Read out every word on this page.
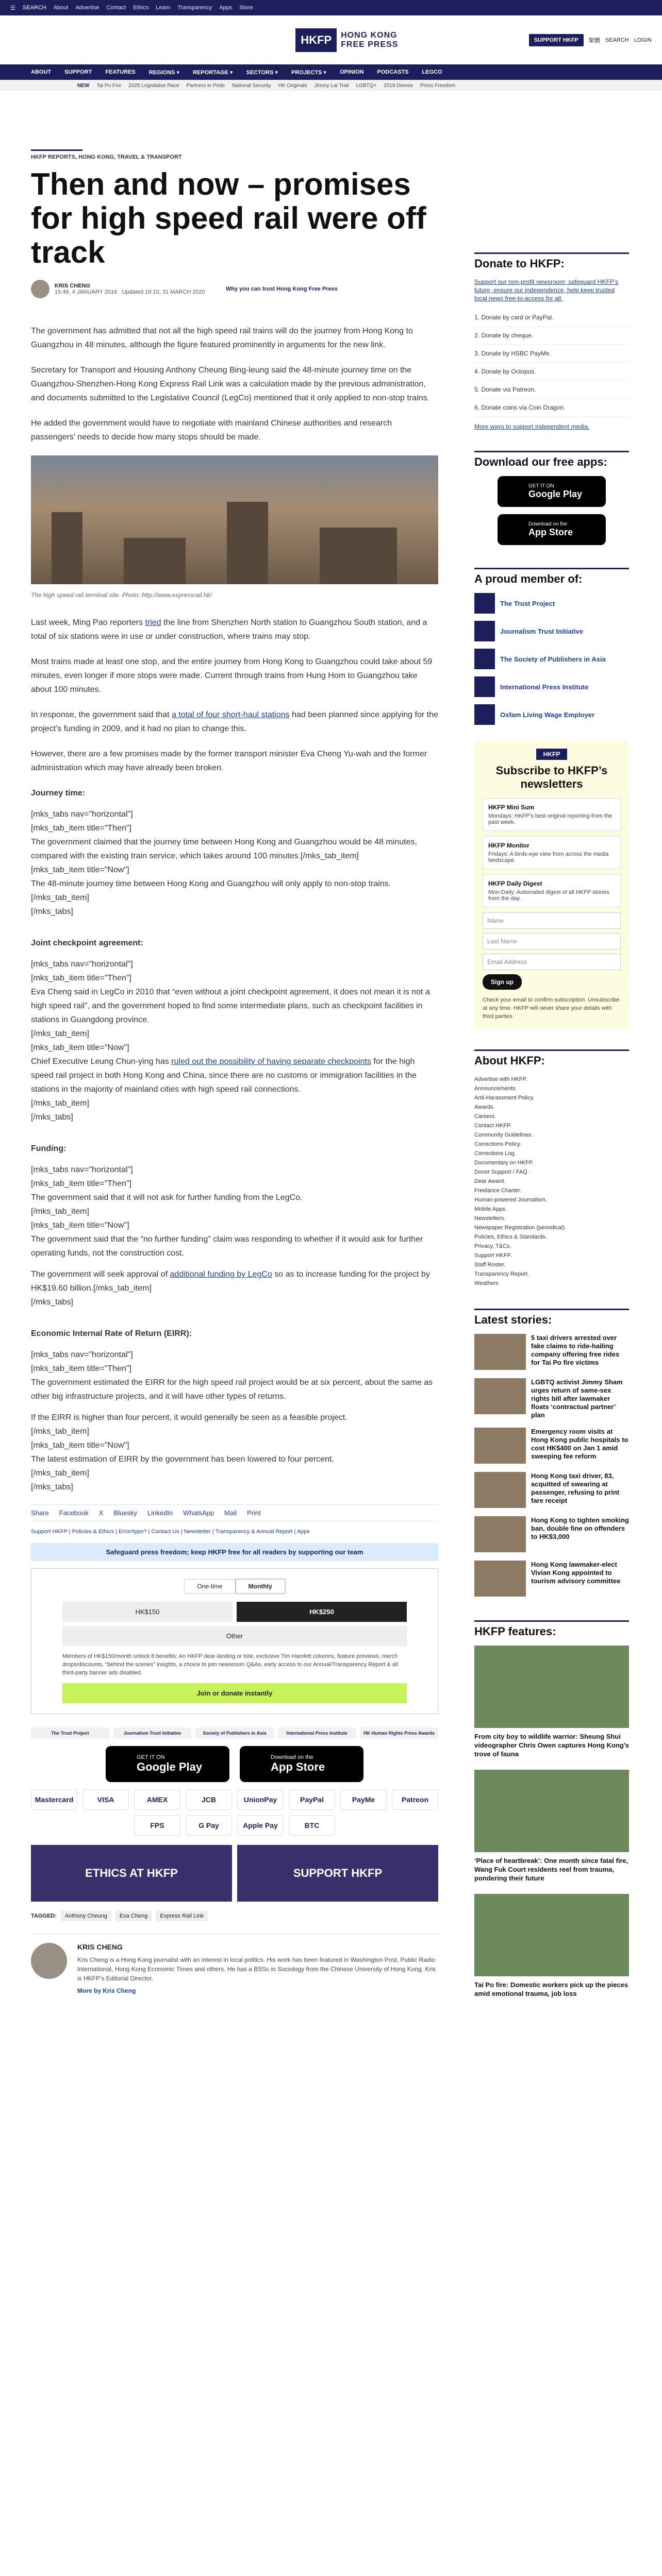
☰ SEARCH About Advertise Contact Ethics Learn Transparency Apps Store
HKFP	HONG KONG
FREE PRESS	SUPPORT HKFP	繁體 SEARCH LOGIN
ABOUT SUPPORT FEATURES REGIONS ▾ REPORTAGE ▾ SECTORS ▾ PROJECTS ▾ OPINION PODCASTS LEGCO
NEW Tai Po Fire 2025 Legislative Race Partners in Pride National Security HK Originals Jimmy Lai Trial LGBTQ+ 2019 Demos Press Freedom
HKFP REPORTS, HONG KONG, TRAVEL & TRANSPORT
Then and now – promises for high speed rail were off track
KRIS CHENG
15:46, 4 JANUARY 2016 Updated 19:10, 31 MARCH 2020	Why you can trust Hong Kong Free Press

The government has admitted that not all the high speed rail trains will do the journey from Hong Kong to Guangzhou in 48 minutes, although the figure featured prominently in arguments for the new link.

Secretary for Transport and Housing Anthony Cheung Bing-leung said the 48-minute journey time on the Guangzhou-Shenzhen-Hong Kong Express Rail Link was a calculation made by the previous administration, and documents submitted to the Legislative Council (LegCo) mentioned that it only applied to non-stop trains.

He added the government would have to negotiate with mainland Chinese authorities and research passengers’ needs to decide how many stops should be made.

The high speed rail terminal site. Photo: http://www.expressrail.hk/

Last week, Ming Pao reporters tried the line from Shenzhen North station to Guangzhou South station, and a total of six stations were in use or under construction, where trains may stop.

Most trains made at least one stop, and the entire journey from Hong Kong to Guangzhou could take about 59 minutes, even longer if more stops were made. Current through trains from Hung Hom to Guangzhou take about 100 minutes.

In response, the government said that a total of four short-haul stations had been planned since applying for the project’s funding in 2009, and it had no plan to change this.

However, there are a few promises made by the former transport minister Eva Cheng Yu-wah and the former administration which may have already been broken.

Journey time:
[mks_tabs nav="horizontal"]
[mks_tab_item title="Then"]
The government claimed that the journey time between Hong Kong and Guangzhou would be 48 minutes, compared with the existing train service, which takes around 100 minutes.[/mks_tab_item]
[mks_tab_item title="Now"]
The 48-minute journey time between Hong Kong and Guangzhou will only apply to non-stop trains.[/mks_tab_item]
[/mks_tabs]
Joint checkpoint agreement:
[mks_tabs nav="horizontal"]
[mks_tab_item title="Then"]
Eva Cheng said in LegCo in 2010 that “even without a joint checkpoint agreement, it does not mean it is not a high speed rail”, and the government hoped to find some intermediate plans, such as checkpoint facilities in stations in Guangdong province.
[/mks_tab_item]
[mks_tab_item title="Now"]
Chief Executive Leung Chun-ying has ruled out the possibility of having separate checkpoints for the high speed rail project in both Hong Kong and China, since there are no customs or immigration facilities in the stations in the majority of mainland cities with high speed rail connections.
[/mks_tab_item]
[/mks_tabs]
Funding:
[mks_tabs nav="horizontal"]
[mks_tab_item title="Then"]
The government said that it will not ask for further funding from the LegCo.
[/mks_tab_item]
[mks_tab_item title="Now"]
The government said that the “no further funding” claim was responding to whether if it would ask for further operating funds, not the construction cost.
The government will seek approval of additional funding by LegCo so as to increase funding for the project by HK$19.60 billion.[/mks_tab_item]
[/mks_tabs]
Economic Internal Rate of Return (EIRR):
[mks_tabs nav="horizontal"]
[mks_tab_item title="Then"]
The government estimated the EIRR for the high speed rail project would be at six percent, about the same as other big infrastructure projects, and it will have other types of returns.
If the EIRR is higher than four percent, it would generally be seen as a feasible project.
[/mks_tab_item]
[mks_tab_item title="Now"]
The latest estimation of EIRR by the government has been lowered to four percent.
[/mks_tab_item]
[/mks_tabs]
Share Facebook X Bluesky LinkedIn WhatsApp Mail Print
Support HKFP | Policies & Ethics | Error/typo? | Contact Us | Newsletter | Transparency & Annual Report | Apps
Safeguard press freedom; keep HKFP free for all readers by supporting our team
One-time	Monthly
HK$150	HK$250
Other
Members of HK$150/month unlock 8 benefits: An HKFP dear-landing or tote, exclusive Tim Hamlett columns, feature previews, merch drops/discounts, “behind the scenes” insights, a choice to join newsroom Q&As, early access to our Annual/Transparency Report & all third-party banner ads disabled.
Join or donate instantly
The Trust Project	Journalism Trust Initiative	Society of Publishers in Asia	International Press Institute	HK Human Rights Press Awards
GET IT ON
Google Play
Download on the
App Store
Mastercard	VISA	AMEX	JCB	UnionPay	PayPal	PayMe	Patreon
FPS	G Pay	Apple Pay	BTC
ETHICS AT HKFP	SUPPORT HKFP
TAGGED:	Anthony Cheung	Eva Cheng	Express Rail Link
KRIS CHENG

Kris Cheng is a Hong Kong journalist with an interest in local politics. His work has been featured in Washington Post, Public Radio International, Hong Kong Economic Times and others. He has a BSSc in Sociology from the Chinese University of Hong Kong. Kris is HKFP’s Editorial Director.

More by Kris Cheng
Donate to HKFP:
Support our non-profit newsroom; safeguard HKFP’s future, ensure our independence, help keep trusted local news free-to-access for all.
1. Donate by card or PayPal.
2. Donate by cheque.
3. Donate by HSBC PayMe.
4. Donate by Octopus.
5. Donate via Patreon.
6. Donate coins via Coin Dragon.
More ways to support independent media.
Download our free apps:
GET IT ON
Google Play
Download on the
App Store
A proud member of:
The Trust Project
Journalism Trust Initiative
The Society of Publishers in Asia
International Press Institute
Oxfam Living Wage Employer
HKFP
Subscribe to HKFP’s newsletters
HKFP Mini Sum
Mondays: HKFP’s best original reporting from the past week.
HKFP Monitor
Fridays: A birds-eye view from across the media landscape.
HKFP Daily Digest
Mon-Daily: Automated digest of all HKFP stories from the day.
Name
Last Name
Email Address
Sign up
Check your email to confirm subscription. Unsubscribe at any time. HKFP will never share your details with third parties.
About HKFP:
Advertise with HKFP.
Announcements.
Anti-Harassment Policy.
Awards.
Careers.
Contact HKFP.
Community Guidelines.
Corrections Policy.
Corrections Log.
Documentary on HKFP.
Donor Support / FAQ.
Dear Award.
Freelance Charter.
Human-powered Journalism.
Mobile Apps.
Newsletters.
Newspaper Registration (periodical).
Policies, Ethics & Standards.
Privacy, T&Cs.
Support HKFP.
Staff Roster.
Transparency Report.
Weathers
Latest stories:

5 taxi drivers arrested over fake claims to ride-hailing company offering free rides for Tai Po fire victims

LGBTQ activist Jimmy Sham urges return of same-sex rights bill after lawmaker floats ‘contractual partner’ plan

Emergency room visits at Hong Kong public hospitals to cost HK$400 on Jan 1 amid sweeping fee reform

Hong Kong taxi driver, 83, acquitted of swearing at passenger, refusing to print fare receipt

Hong Kong to tighten smoking ban, double fine on offenders to HK$3,000

Hong Kong lawmaker-elect Vivian Kong appointed to tourism advisory committee

HKFP features:

From city boy to wildlife warrior: Sheung Shui videographer Chris Owen captures Hong Kong’s trove of fauna

‘Place of heartbreak’: One month since fatal fire, Wang Fuk Court residents reel from trauma, pondering their future

Tai Po fire: Domestic workers pick up the pieces amid emotional trauma, job loss
